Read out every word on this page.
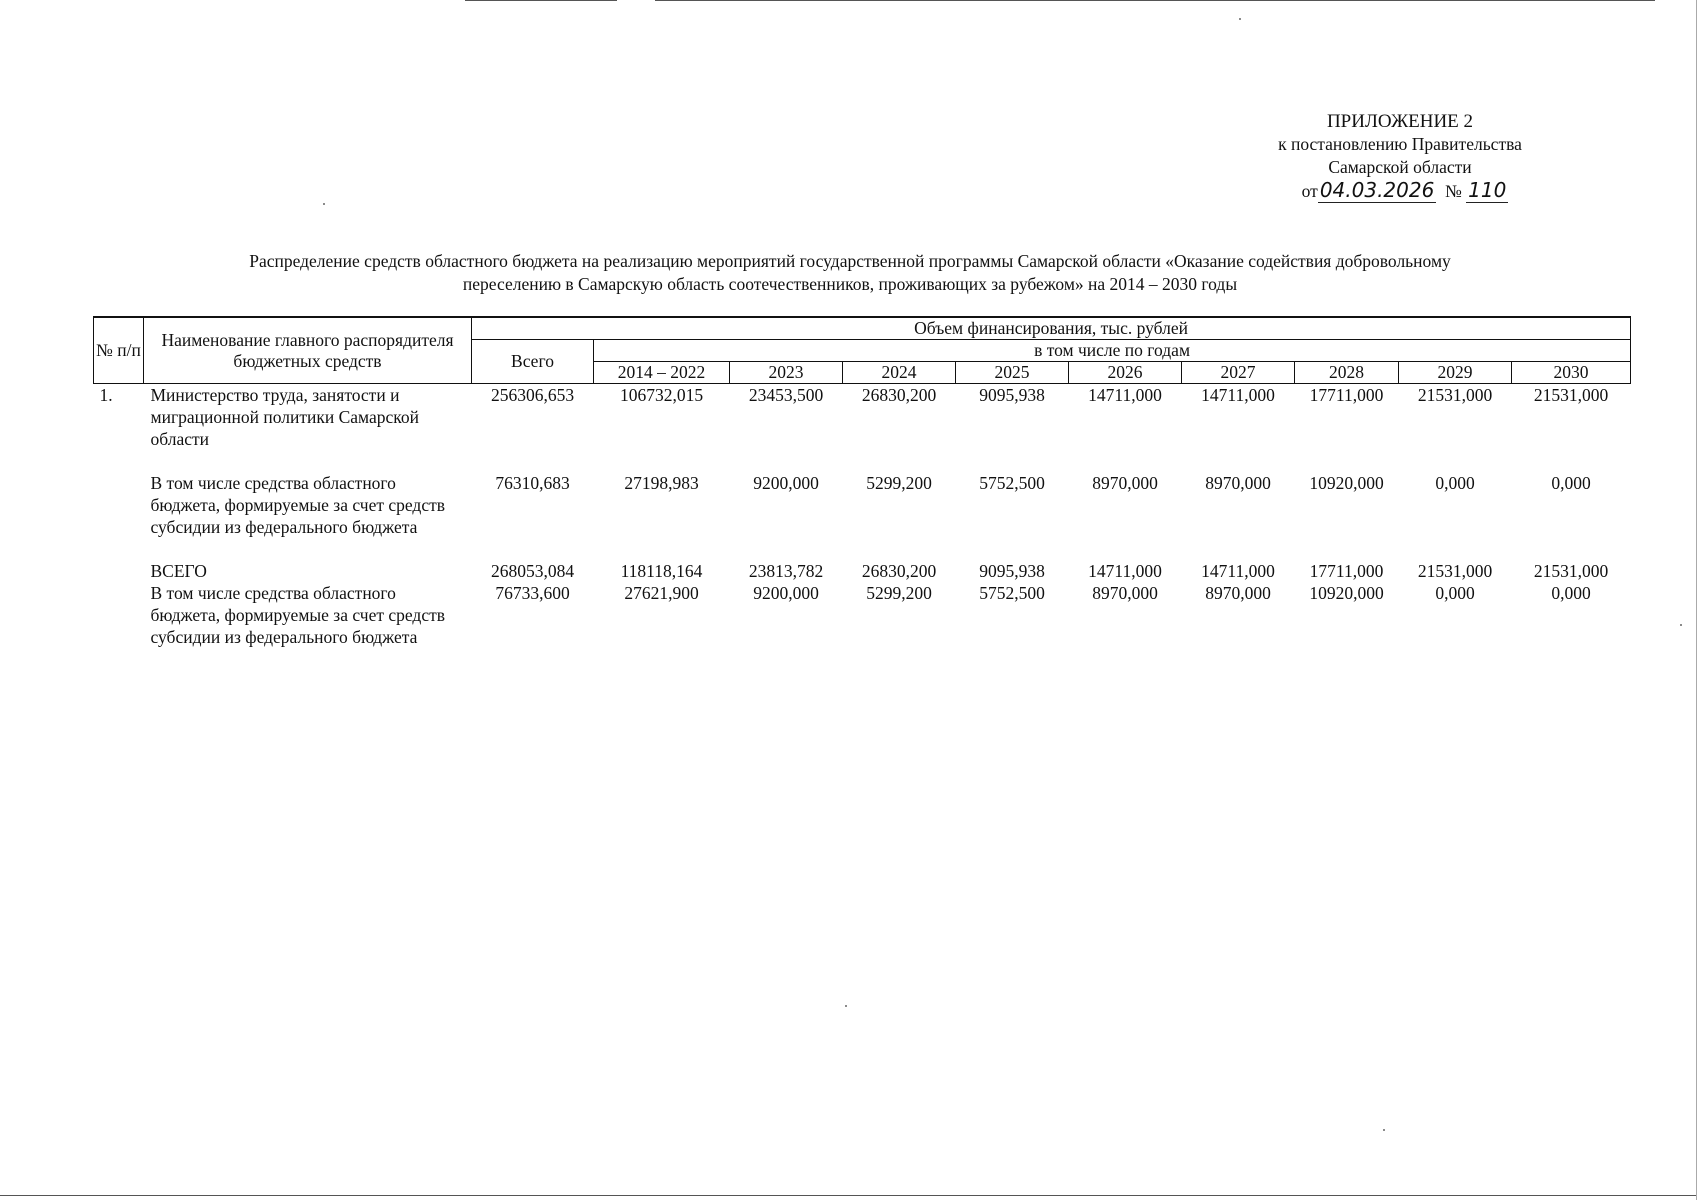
ПРИЛОЖЕНИЕ 2
к постановлению Правительства
Самарской области
от 04.03.2026 № 110
Распределение средств областного бюджета на реализацию мероприятий государственной программы Самарской области «Оказание содействия добровольному
переселению в Самарскую область соотечественников, проживающих за рубежом» на 2014 – 2030 годы
№ п/п	Наименование главного распорядителя бюджетных средств	Объем финансирования, тыс. рублей									
		Всего	в том числе по годам								
			2014 – 2022	2023	2024	2025	2026	2027	2028	2029	2030
1.	Министерство труда, занятости и миграционной политики Самарской области	256306,653	106732,015	23453,500	26830,200	9095,938	14711,000	14711,000	17711,000	21531,000	21531,000

	В том числе средства областного бюджета, формируемые за счет средств субсидии из федерального бюджета	76310,683	27198,983	9200,000	5299,200	5752,500	8970,000	8970,000	10920,000	0,000	0,000

	ВСЕГО	268053,084	118118,164	23813,782	26830,200	9095,938	14711,000	14711,000	17711,000	21531,000	21531,000
	В том числе средства областного бюджета, формируемые за счет средств субсидии из федерального бюджета	76733,600	27621,900	9200,000	5299,200	5752,500	8970,000	8970,000	10920,000	0,000	0,000
